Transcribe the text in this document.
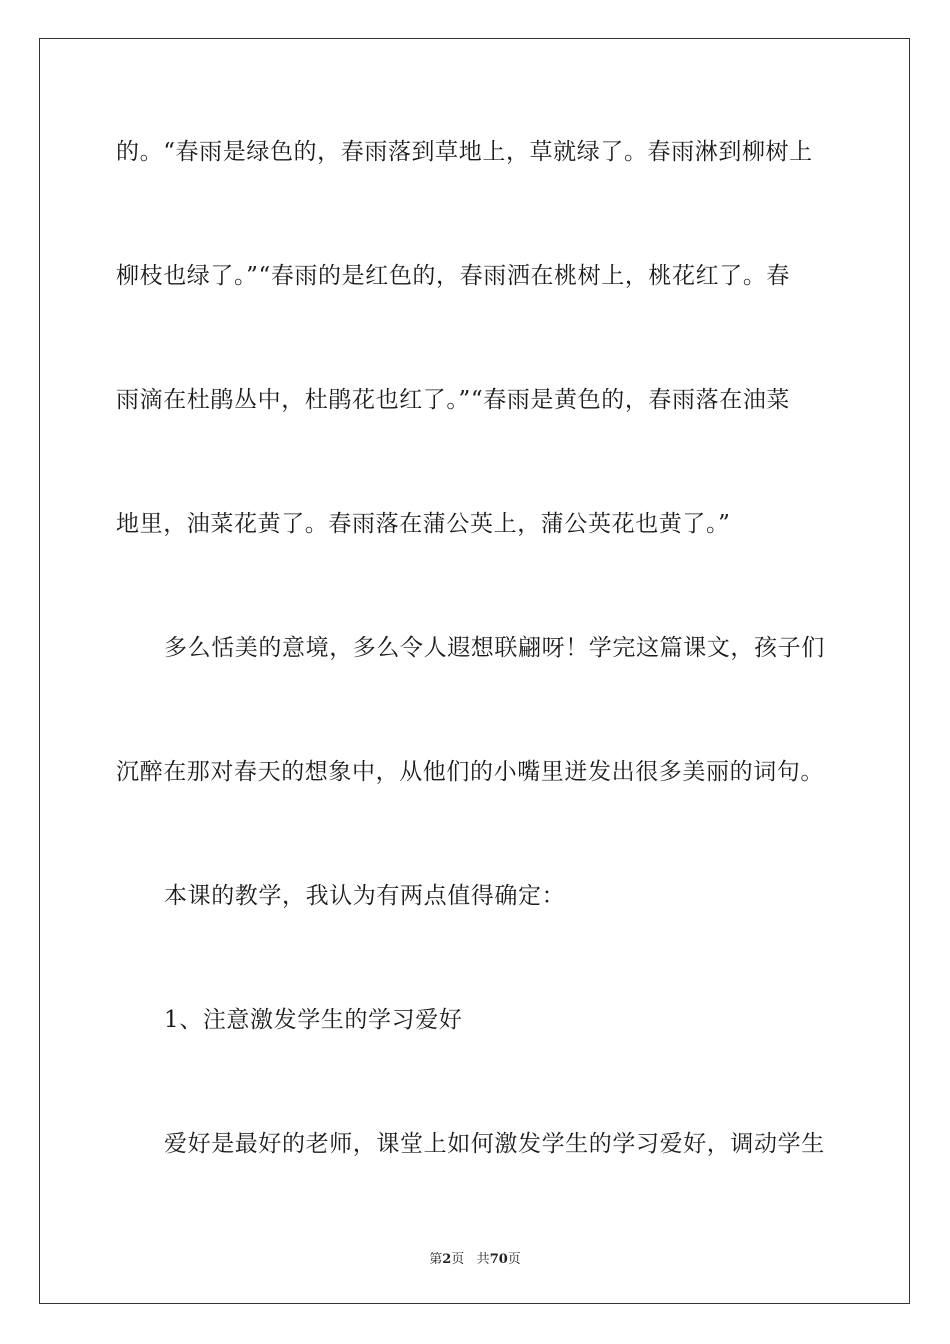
的。“春雨是绿色的，春雨落到草地上，草就绿了。春雨淋到柳树上
柳枝也绿了。”“春雨的是红色的，春雨洒在桃树上，桃花红了。春
雨滴在杜鹃丛中，杜鹃花也红了。”“春雨是黄色的，春雨落在油菜
地里，油菜花黄了。春雨落在蒲公英上，蒲公英花也黄了。”
多么恬美的意境，多么令人遐想联翩呀！学完这篇课文，孩子们
沉醉在那对春天的想象中，从他们的小嘴里迸发出很多美丽的词句。
本课的教学，我认为有两点值得确定：
1、注意激发学生的学习爱好
爱好是最好的老师，课堂上如何激发学生的学习爱好，调动学生
第2页 共70页
